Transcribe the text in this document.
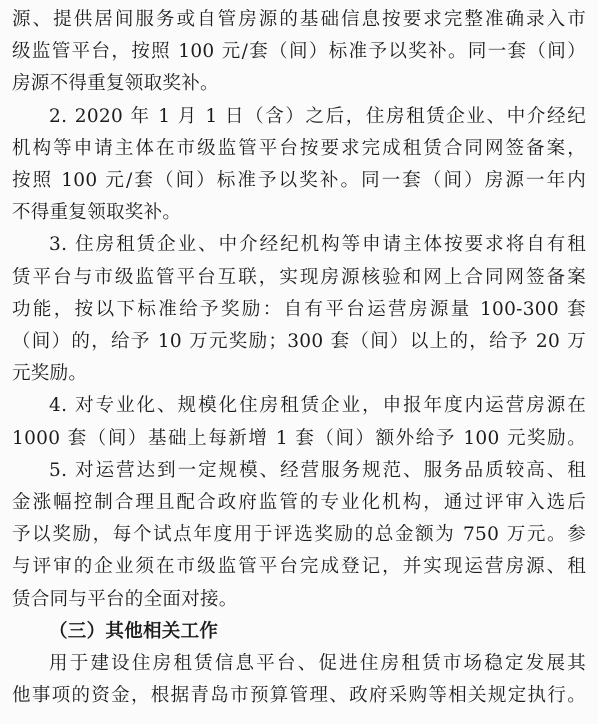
源、提供居间服务或自管房源的基础信息按要求完整准确录入市
级监管平台，按照 100 元/套（间）标准予以奖补。同一套（间）
房源不得重复领取奖补。
2. 2020 年 1 月 1 日（含）之后，住房租赁企业、中介经纪
机构等申请主体在市级监管平台按要求完成租赁合同网签备案，
按照 100 元/套（间）标准予以奖补。同一套（间）房源一年内
不得重复领取奖补。
3. 住房租赁企业、中介经纪机构等申请主体按要求将自有租
赁平台与市级监管平台互联，实现房源核验和网上合同网签备案
功能，按以下标准给予奖励：自有平台运营房源量 100-300 套
（间）的，给予 10 万元奖励；300 套（间）以上的，给予 20 万
元奖励。
4. 对专业化、规模化住房租赁企业，申报年度内运营房源在
1000 套（间）基础上每新增 1 套（间）额外给予 100 元奖励。
5. 对运营达到一定规模、经营服务规范、服务品质较高、租
金涨幅控制合理且配合政府监管的专业化机构，通过评审入选后
予以奖励，每个试点年度用于评选奖励的总金额为 750 万元。参
与评审的企业须在市级监管平台完成登记，并实现运营房源、租
赁合同与平台的全面对接。
（三）其他相关工作
用于建设住房租赁信息平台、促进住房租赁市场稳定发展其
他事项的资金，根据青岛市预算管理、政府采购等相关规定执行。
